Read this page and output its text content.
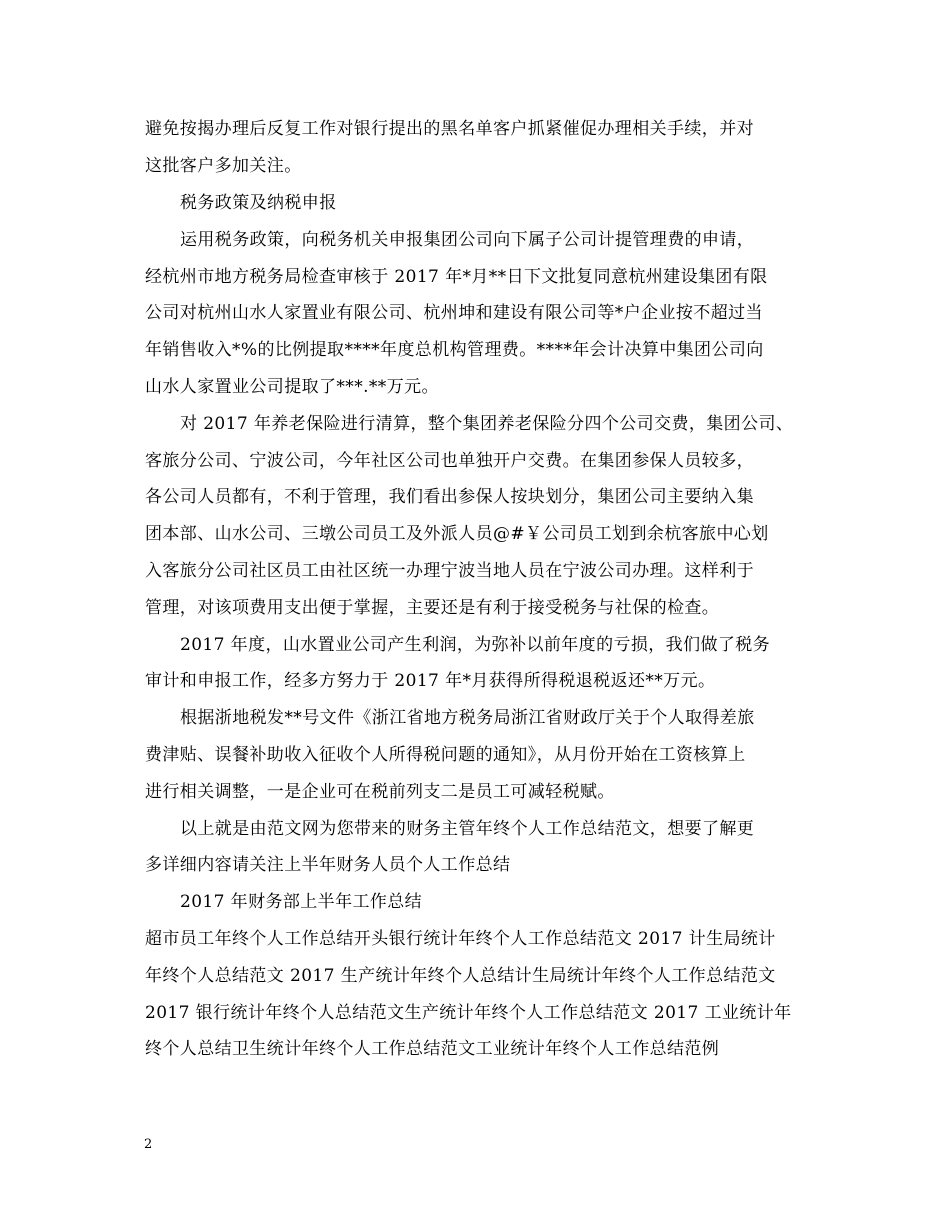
避免按揭办理后反复工作对银行提出的黑名单客户抓紧催促办理相关手续，并对

这批客户多加关注。

税务政策及纳税申报

运用税务政策，向税务机关申报集团公司向下属子公司计提管理费的申请，

经杭州市地方税务局检查审核于 2017 年*月**日下文批复同意杭州建设集团有限

公司对杭州山水人家置业有限公司、杭州坤和建设有限公司等*户企业按不超过当

年销售收入*%的比例提取****年度总机构管理费。****年会计决算中集团公司向

山水人家置业公司提取了***.**万元。

对 2017 年养老保险进行清算，整个集团养老保险分四个公司交费，集团公司、

客旅分公司、宁波公司，今年社区公司也单独开户交费。在集团参保人员较多，

各公司人员都有，不利于管理，我们看出参保人按块划分，集团公司主要纳入集

团本部、山水公司、三墩公司员工及外派人员@#￥公司员工划到余杭客旅中心划

入客旅分公司社区员工由社区统一办理宁波当地人员在宁波公司办理。这样利于

管理，对该项费用支出便于掌握，主要还是有利于接受税务与社保的检查。

2017 年度，山水置业公司产生利润，为弥补以前年度的亏损，我们做了税务

审计和申报工作，经多方努力于 2017 年*月获得所得税退税返还**万元。

根据浙地税发**号文件《浙江省地方税务局浙江省财政厅关于个人取得差旅

费津贴、误餐补助收入征收个人所得税问题的通知》，从月份开始在工资核算上

进行相关调整，一是企业可在税前列支二是员工可减轻税赋。

以上就是由范文网为您带来的财务主管年终个人工作总结范文，想要了解更

多详细内容请关注上半年财务人员个人工作总结

2017 年财务部上半年工作总结

超市员工年终个人工作总结开头银行统计年终个人工作总结范文 2017 计生局统计

年终个人总结范文 2017 生产统计年终个人总结计生局统计年终个人工作总结范文

2017 银行统计年终个人总结范文生产统计年终个人工作总结范文 2017 工业统计年

终个人总结卫生统计年终个人工作总结范文工业统计年终个人工作总结范例

2
